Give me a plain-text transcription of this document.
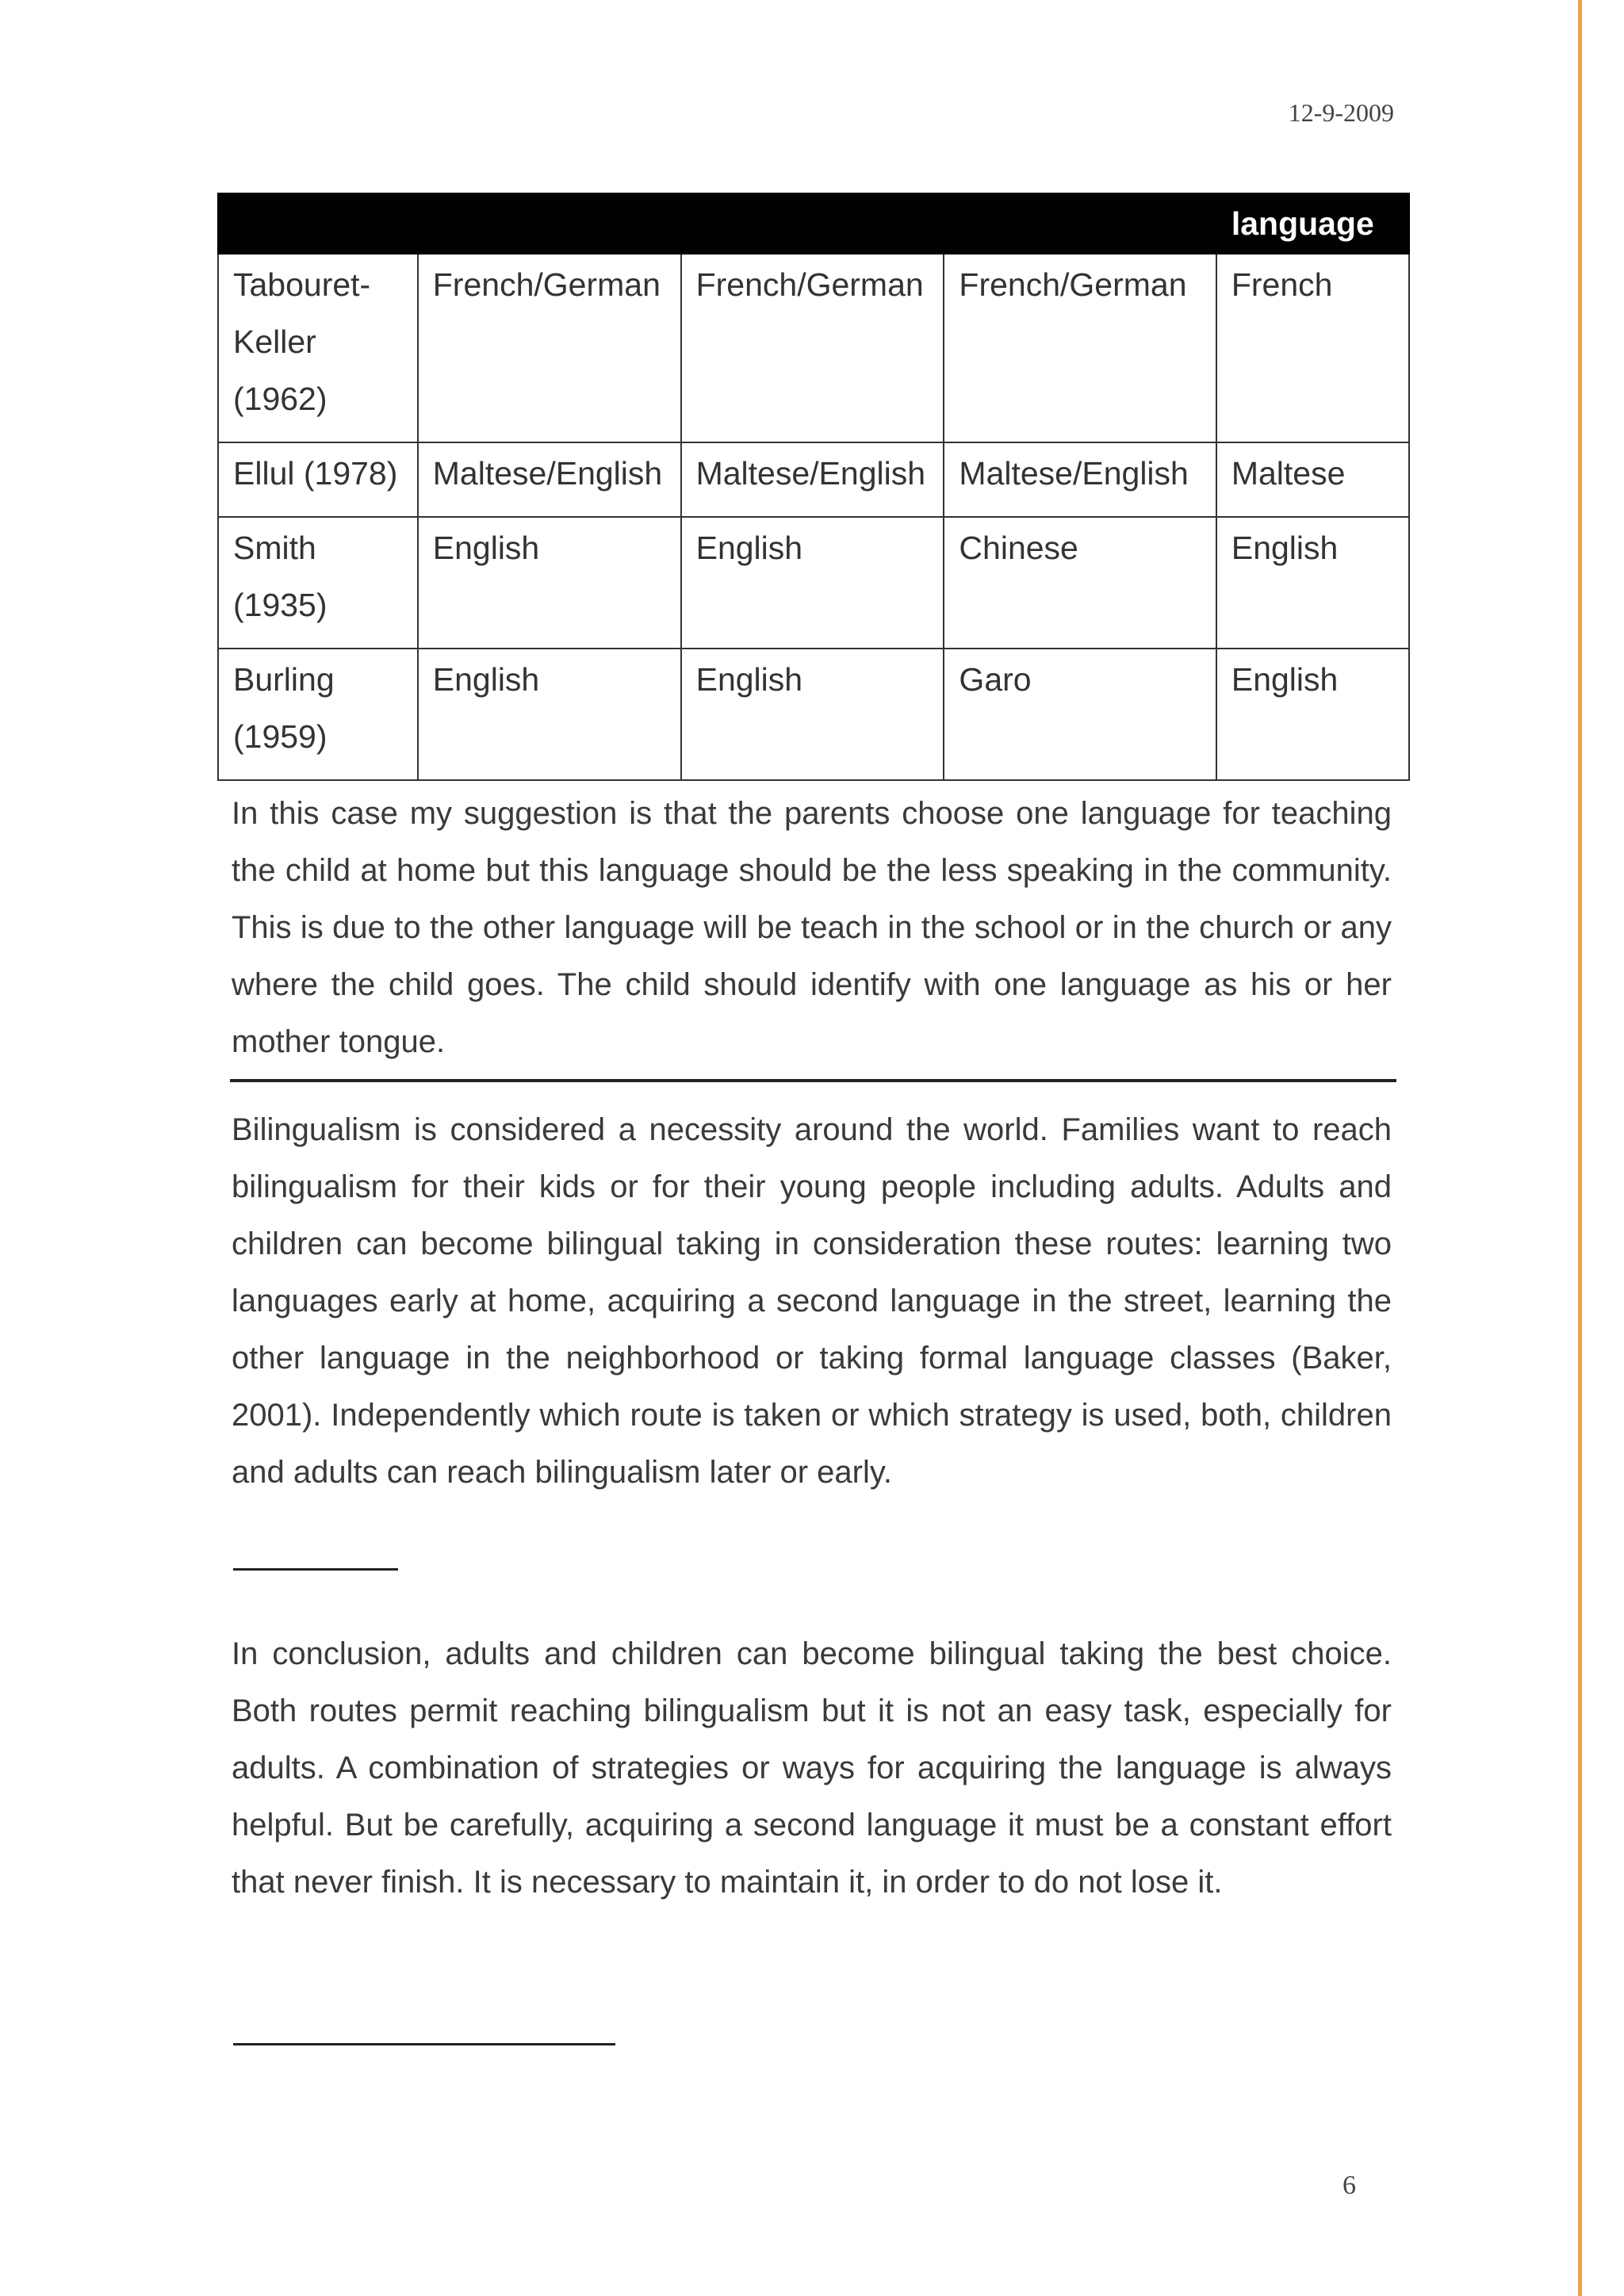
12-9-2009
				language
Tabouret-Keller (1962)	French/German	French/German	French/German	French
Ellul (1978)	Maltese/English	Maltese/English	Maltese/English	Maltese
Smith (1935)	English	English	Chinese	English
Burling (1959)	English	English	Garo	English

In this case my suggestion is that the parents choose one language for teaching the child at home but this language should be the less speaking in the community. This is due to the other language will be teach in the school or in the church or any where the child goes. The child should identify with one language as his or her mother tongue.

Bilingualism is considered a necessity around the world. Families want to reach bilingualism for their kids or for their young people including adults. Adults and children can become bilingual taking in consideration these routes: learning two languages early at home, acquiring a second language in the street, learning the other language in the neighborhood or taking formal language classes (Baker, 2001). Independently which route is taken or which strategy is used, both, children and adults can reach bilingualism later or early.

In conclusion, adults and children can become bilingual taking the best choice. Both routes permit reaching bilingualism but it is not an easy task, especially for adults. A combination of strategies or ways for acquiring the language is always helpful. But be carefully, acquiring a second language it must be a constant effort that never finish. It is necessary to maintain it, in order to do not lose it.

6
